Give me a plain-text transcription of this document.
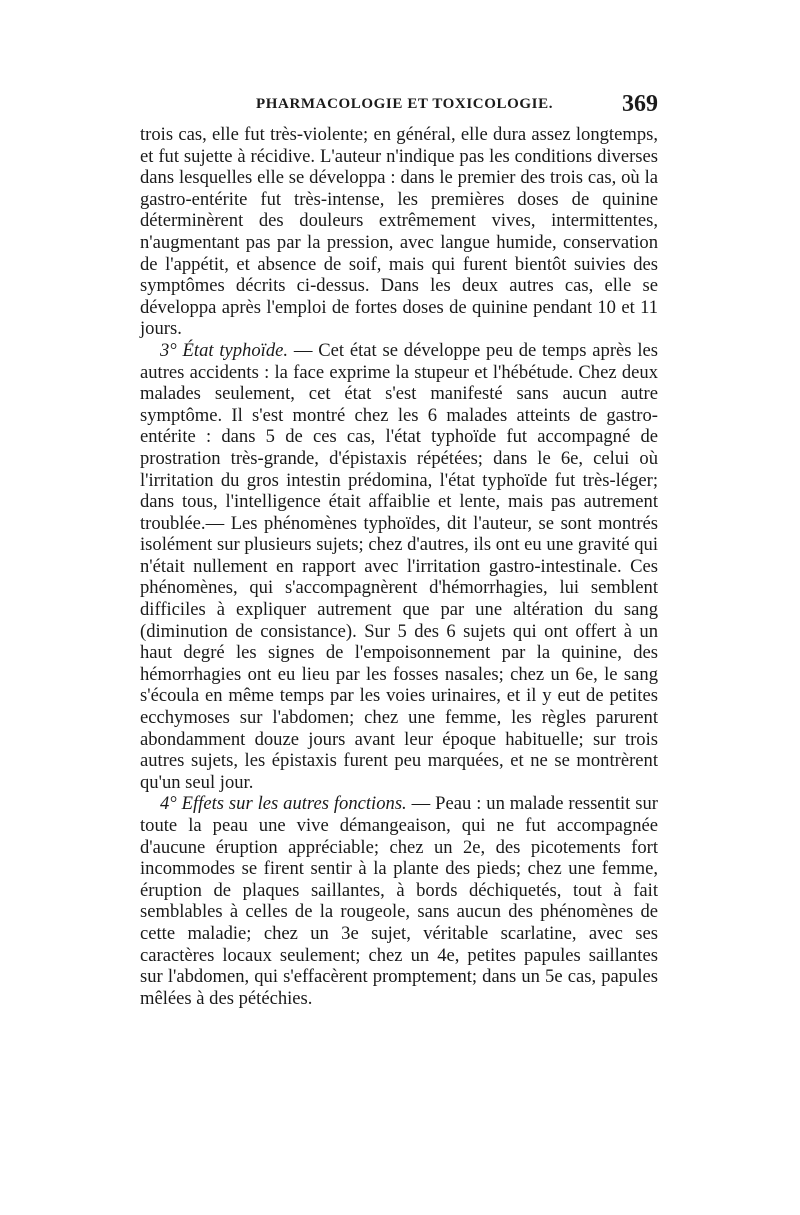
PHARMACOLOGIE ET TOXICOLOGIE.	369

trois cas, elle fut très-violente; en général, elle dura assez longtemps, et fut sujette à récidive. L'auteur n'indique pas les conditions diverses dans lesquelles elle se développa : dans le premier des trois cas, où la gastro-entérite fut très-intense, les premières doses de quinine déterminèrent des douleurs extrêmement vives, intermittentes, n'augmentant pas par la pression, avec langue humide, conservation de l'appétit, et absence de soif, mais qui furent bientôt suivies des symptômes décrits ci-dessus. Dans les deux autres cas, elle se développa après l'emploi de fortes doses de quinine pendant 10 et 11 jours.

3° État typhoïde. — Cet état se développe peu de temps après les autres accidents : la face exprime la stupeur et l'hébétude. Chez deux malades seulement, cet état s'est manifesté sans aucun autre symptôme. Il s'est montré chez les 6 malades atteints de gastro-entérite : dans 5 de ces cas, l'état typhoïde fut accompagné de prostration très-grande, d'épistaxis répétées; dans le 6e, celui où l'irritation du gros intestin prédomina, l'état typhoïde fut très-léger; dans tous, l'intelligence était affaiblie et lente, mais pas autrement troublée.— Les phénomènes typhoïdes, dit l'auteur, se sont montrés isolément sur plusieurs sujets; chez d'autres, ils ont eu une gravité qui n'était nullement en rapport avec l'irritation gastro-intestinale. Ces phénomènes, qui s'accompagnèrent d'hémorrhagies, lui semblent difficiles à expliquer autrement que par une altération du sang (diminution de consistance). Sur 5 des 6 sujets qui ont offert à un haut degré les signes de l'empoisonnement par la quinine, des hémorrhagies ont eu lieu par les fosses nasales; chez un 6e, le sang s'écoula en même temps par les voies urinaires, et il y eut de petites ecchymoses sur l'abdomen; chez une femme, les règles parurent abondamment douze jours avant leur époque habituelle; sur trois autres sujets, les épistaxis furent peu marquées, et ne se montrèrent qu'un seul jour.

4° Effets sur les autres fonctions. — Peau : un malade ressentit sur toute la peau une vive démangeaison, qui ne fut accompagnée d'aucune éruption appréciable; chez un 2e, des picotements fort incommodes se firent sentir à la plante des pieds; chez une femme, éruption de plaques saillantes, à bords déchiquetés, tout à fait semblables à celles de la rougeole, sans aucun des phénomènes de cette maladie; chez un 3e sujet, véritable scarlatine, avec ses caractères locaux seulement; chez un 4e, petites papules saillantes sur l'abdomen, qui s'effacèrent promptement; dans un 5e cas, papules mêlées à des pétéchies.
